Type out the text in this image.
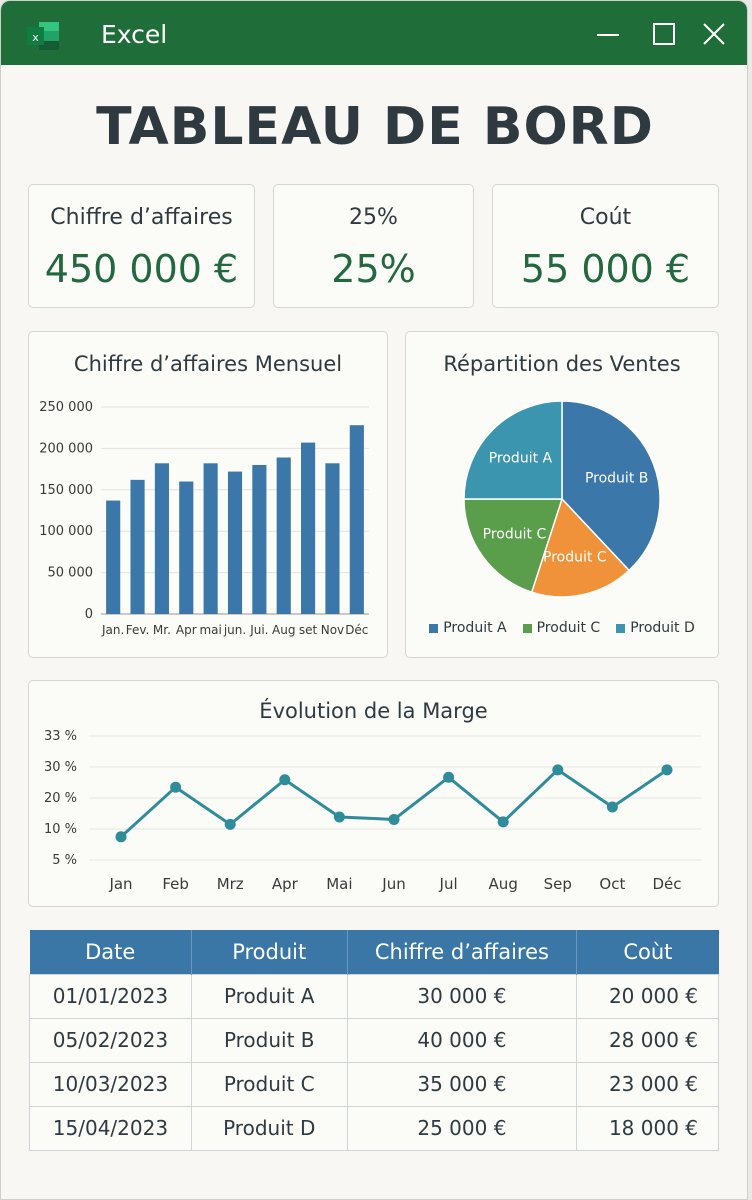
x Excel
TABLEAU DE BORD
Chiffre d’affaires
450 000 €
25%
25%
Coút
55 000 €
Chiffre d’affaires Mensuel
0
50 000
100 000
150 000
200 000
250 000
Jan. Fev. Mr. Apr mai jun. Jui. Aug set Nov Déc
Répartition des Ventes
Produit B
Produit C
Produit C
Produit A
Produit A Produit C Produit D
Évolution de la Marge
5 %
10 %
20 %
30 %
33 %
Jan Feb Mrz Apr Mai Jun Jul Aug Sep Oct Déc
Date	Produit	Chiffre d’affaires	Coùt
01/01/2023	Produit A	30 000 €	20 000 €
05/02/2023	Produit B	40 000 €	28 000 €
10/03/2023	Produit C	35 000 €	23 000 €
15/04/2023	Produit D	25 000 €	18 000 €
